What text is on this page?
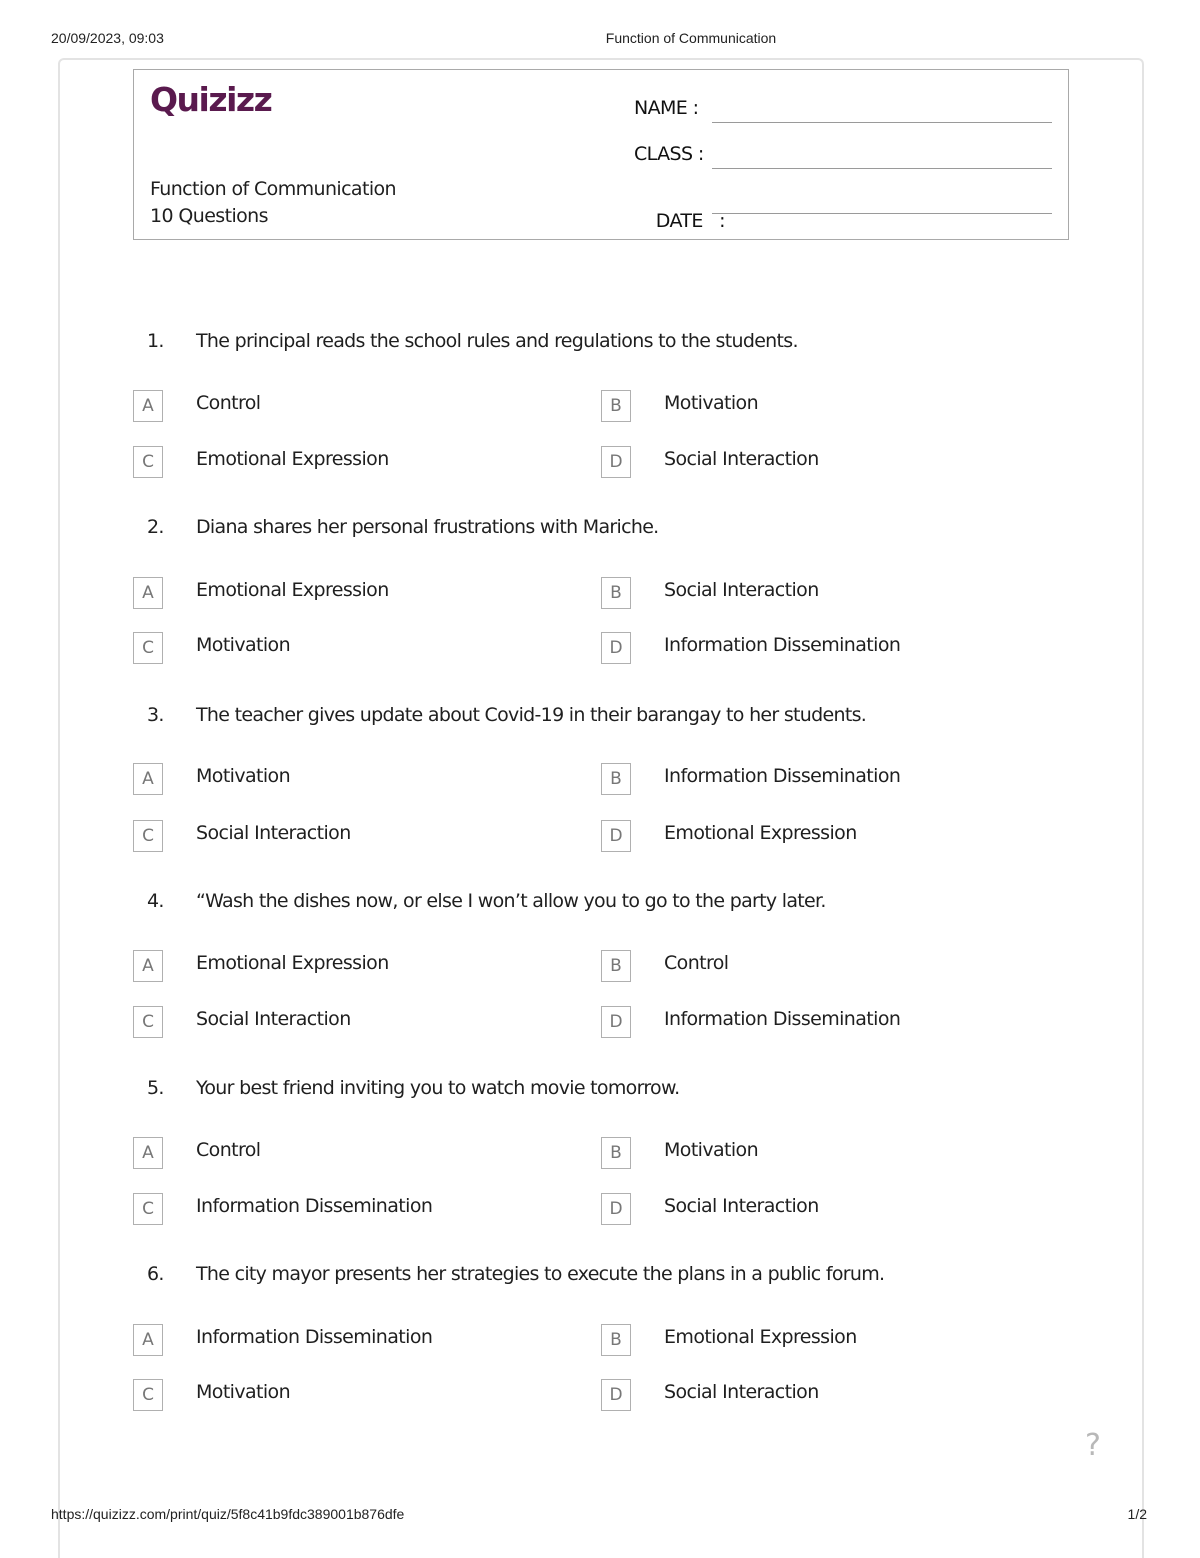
20/09/2023, 09:03	Function of Communication
Quizizz
Function of Communication
10 Questions
NAME :
CLASS :

DATE   :

1. The principal reads the school rules and regulations to the students.
A	Control	B	Motivation
C	Emotional Expression	D	Social Interaction
2. Diana shares her personal frustrations with Mariche.
A	Emotional Expression	B	Social Interaction
C	Motivation	D	Information Dissemination
3. The teacher gives update about Covid-19 in their barangay to her students.
A	Motivation	B	Information Dissemination
C	Social Interaction	D	Emotional Expression
4. “Wash the dishes now, or else I won’t allow you to go to the party later.
A	Emotional Expression	B	Control
C	Social Interaction	D	Information Dissemination
5. Your best friend inviting you to watch movie tomorrow.
A	Control	B	Motivation
C	Information Dissemination	D	Social Interaction
6. The city mayor presents her strategies to execute the plans in a public forum.
A	Information Dissemination	B	Emotional Expression
C	Motivation	D	Social Interaction
?
https://quizizz.com/print/quiz/5f8c41b9fdc389001b876dfe	1/2
